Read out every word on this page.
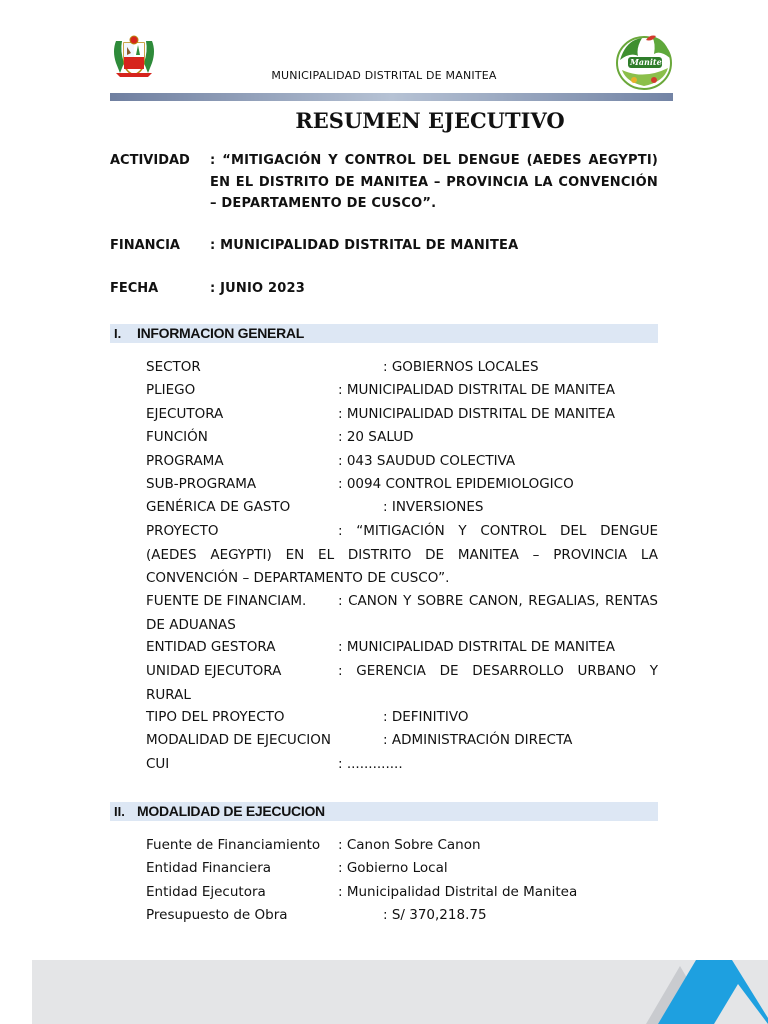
MUNICIPALIDAD DISTRITAL DE MANITEA
Manitea
RESUMEN EJECUTIVO
ACTIVIDAD : “MITIGACIÓN Y CONTROL DEL DENGUE (AEDES AEGYPTI) EN EL DISTRITO DE MANITEA – PROVINCIA LA CONVENCIÓN – DEPARTAMENTO DE CUSCO”.
FINANCIA : MUNICIPALIDAD DISTRITAL DE MANITEA
FECHA	: JUNIO 2023
I. INFORMACION GENERAL
SECTOR	: GOBIERNOS LOCALES
PLIEGO	: MUNICIPALIDAD DISTRITAL DE MANITEA
EJECUTORA	: MUNICIPALIDAD DISTRITAL DE MANITEA
FUNCIÓN	: 20 SALUD
PROGRAMA	: 043 SAUDUD COLECTIVA
SUB-PROGRAMA	: 0094 CONTROL EPIDEMIOLOGICO
GENÉRICA DE GASTO	: INVERSIONES
PROYECTO	: “MITIGACIÓN Y CONTROL DEL DENGUE (AEDES AEGYPTI) EN EL DISTRITO DE MANITEA – PROVINCIA LA CONVENCIÓN – DEPARTAMENTO DE CUSCO”.
FUENTE DE FINANCIAM. : CANON Y SOBRE CANON, REGALIAS, RENTAS DE ADUANAS
ENTIDAD GESTORA	: MUNICIPALIDAD DISTRITAL DE MANITEA
UNIDAD EJECUTORA	: GERENCIA DE DESARROLLO URBANO Y RURAL
TIPO DEL PROYECTO	: DEFINITIVO
MODALIDAD DE EJECUCION	: ADMINISTRACIÓN DIRECTA
CUI	: .............
II. MODALIDAD DE EJECUCION
Fuente de Financiamiento : Canon Sobre Canon
Entidad Financiera	: Gobierno Local
Entidad Ejecutora	: Municipalidad Distrital de Manitea
Presupuesto de Obra	: S/ 370,218.75
